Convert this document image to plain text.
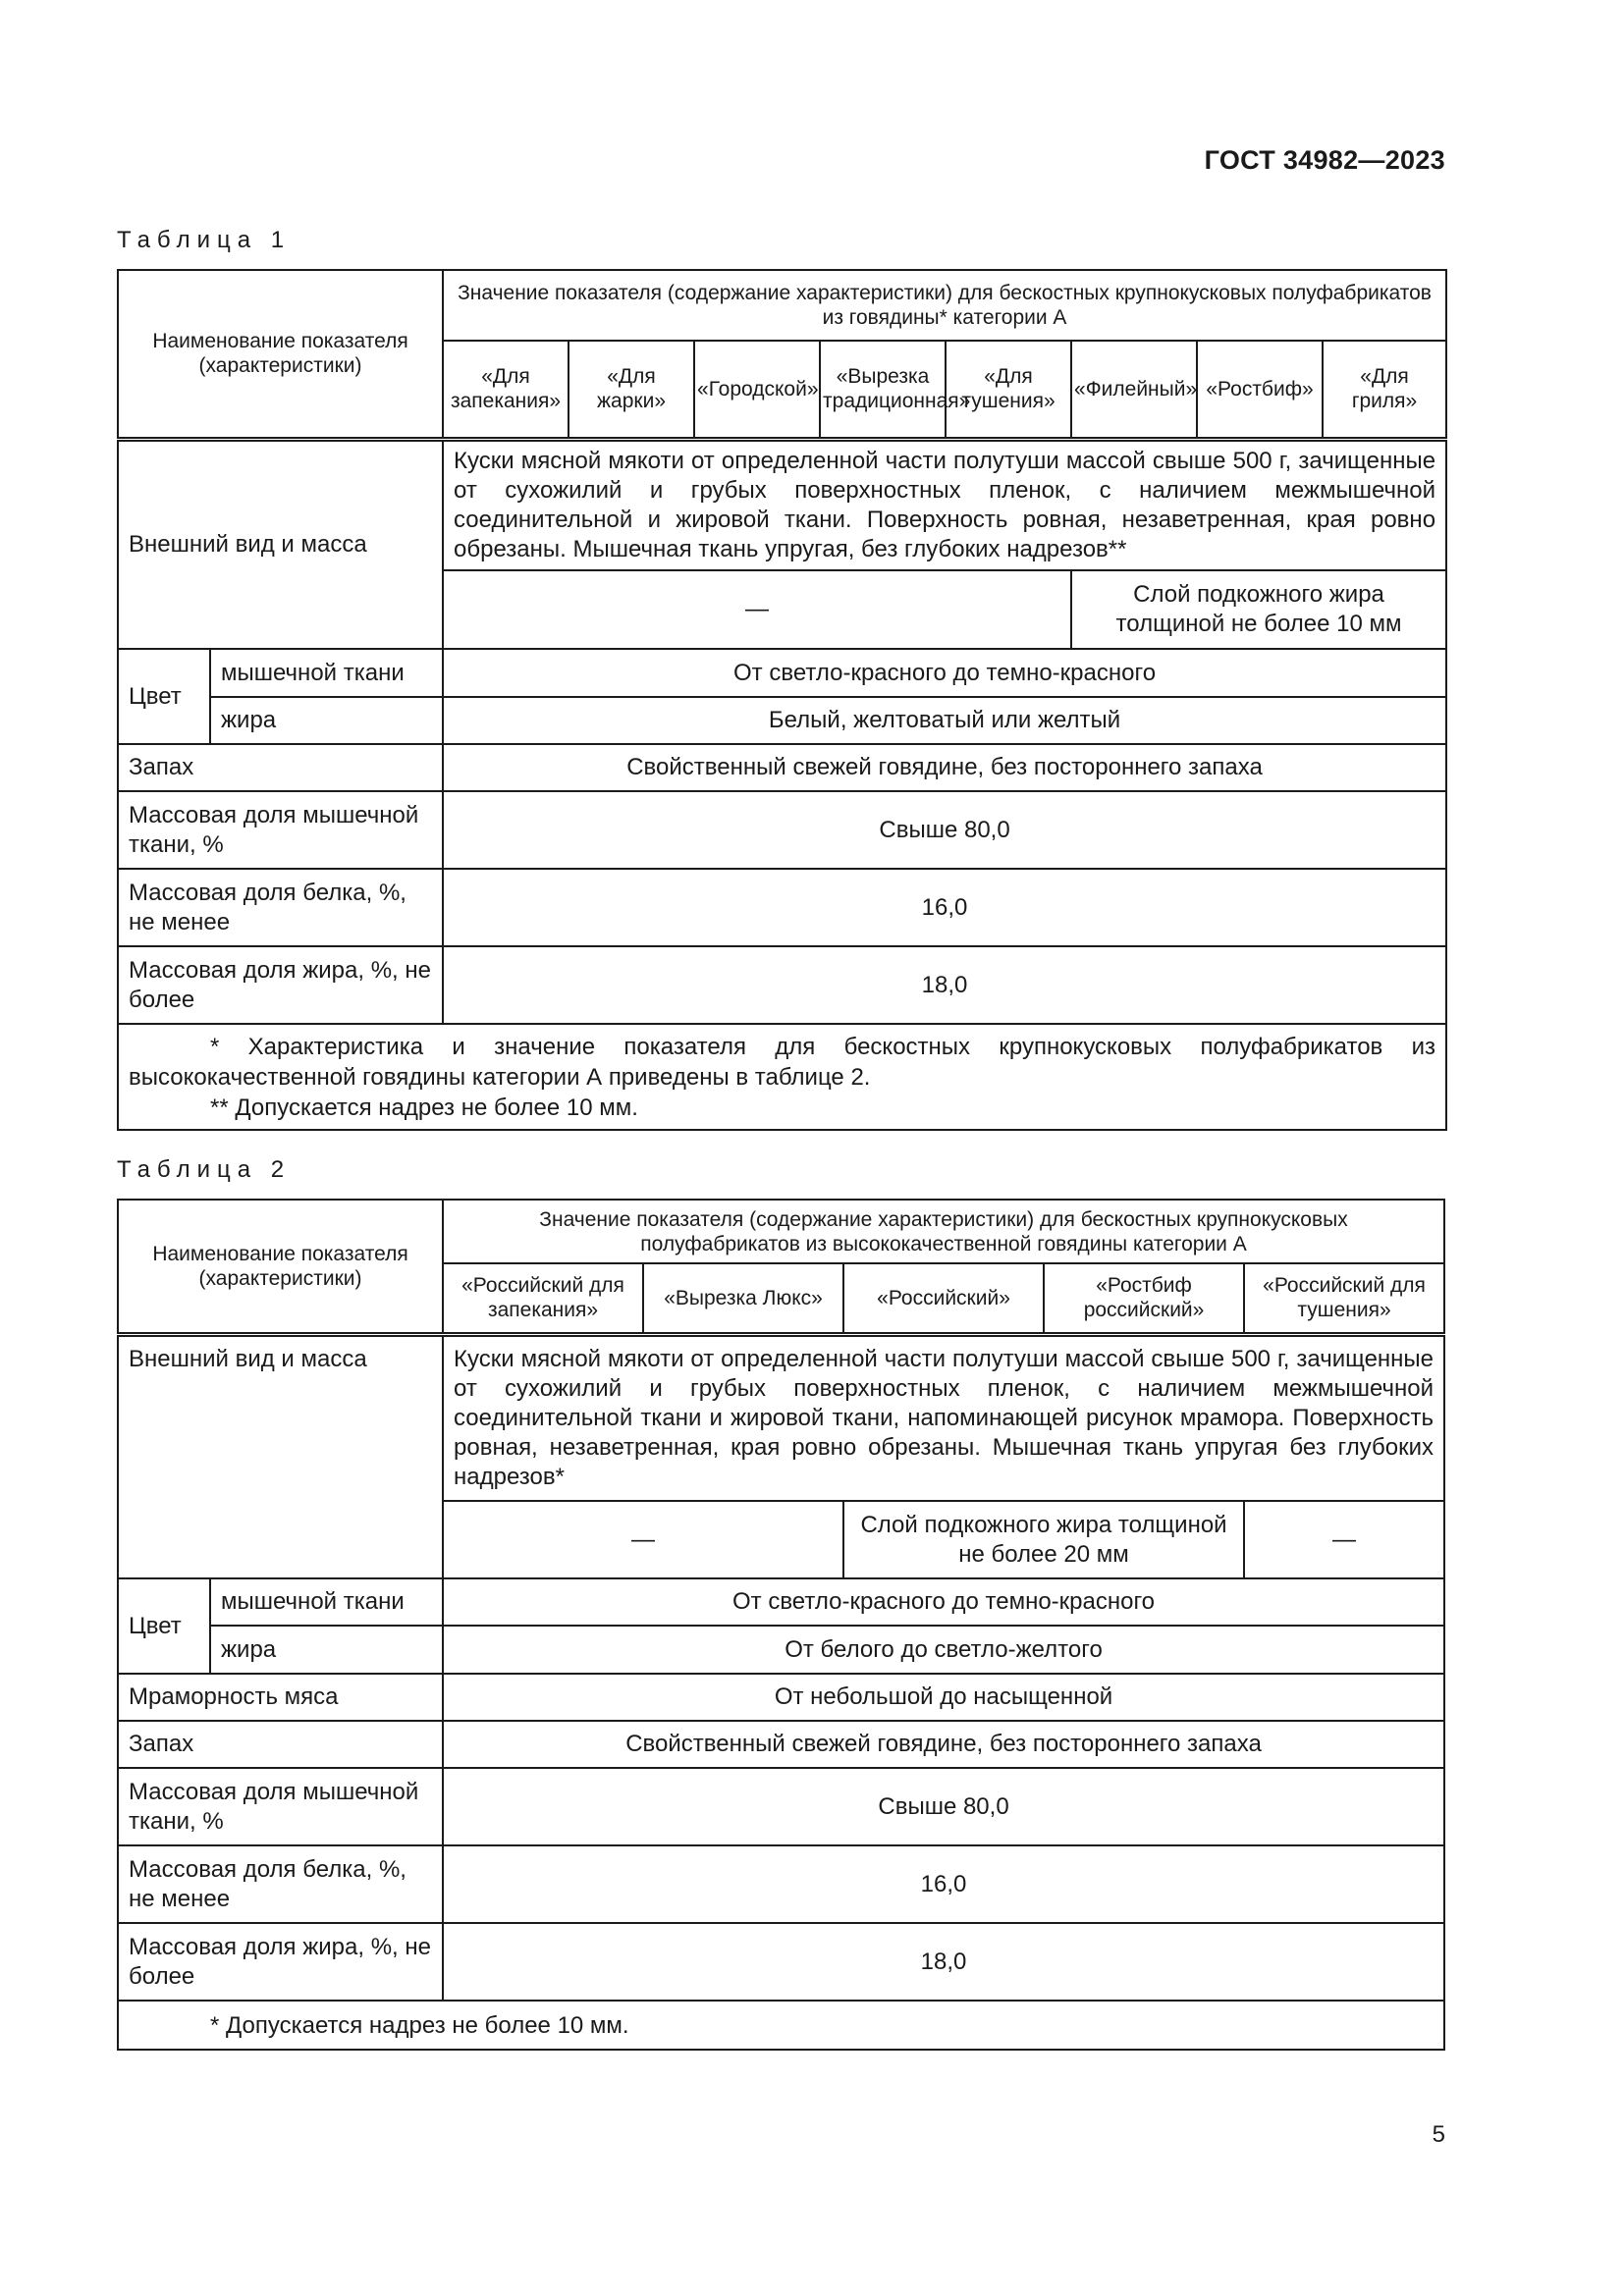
ГОСТ 34982—2023
Таблица 1
Наименование показателя (характеристики)		Значение показателя (содержание характеристики) для бескостных крупнокусковых полуфабрикатов из говядины* категории А							
		«Для запекания»	«Для жарки»	«Городской»	«Вырезка традиционная»	«Для тушения»	«Филейный»	«Ростбиф»	«Для гриля»
Внешний вид и масса		Куски мясной мякоти от определенной части полутуши массой свыше 500 г, зачищенные от сухожилий и грубых поверхностных пленок, с наличием межмышечной соединительной и жировой ткани. Поверхность ровная, незаветренная, края ровно обрезаны. Мышечная ткань упругая, без глубоких надрезов**							
		—					Слой подкожного жира толщиной не более 10 мм		
Цвет	мышечной ткани	От светло-красного до темно-красного							
	жира	Белый, желтоватый или желтый							
Запах		Свойственный свежей говядине, без постороннего запаха							
Массовая доля мышечной ткани, %		Свыше 80,0							
Массовая доля белка, %, не менее		16,0							
Массовая доля жира, %, не более		18,0							

* Характеристика и значение показателя для бескостных крупнокусковых полуфабрикатов из высококачественной говядины категории А приведены в таблице 2.
** Допускается надрез не более 10 мм.									
Таблица 2
Наименование показателя (характеристики)		Значение показателя (содержание характеристики) для бескостных крупнокусковых полуфабрикатов из высококачественной говядины категории А				
		«Российский для запекания»	«Вырезка Люкс»	«Российский»	«Ростбиф российский»	«Российский для тушения»
Внешний вид и масса		Куски мясной мякоти от определенной части полутуши массой свыше 500 г, зачищенные от сухожилий и грубых поверхностных пленок, с наличием межмышечной соединительной ткани и жировой ткани, напоминающей рисунок мрамора. Поверхность ровная, незаветренная, края ровно обрезаны. Мышечная ткань упругая без глубоких надрезов*				
		—		Слой подкожного жира толщиной не более 20 мм		—
Цвет	мышечной ткани	От светло-красного до темно-красного				
	жира	От белого до светло-желтого				
Мраморность мяса		От небольшой до насыщенной				
Запах		Свойственный свежей говядине, без постороннего запаха				
Массовая доля мышечной ткани, %		Свыше 80,0				
Массовая доля белка, %, не менее		16,0				
Массовая доля жира, %, не более		18,0				

* Допускается надрез не более 10 мм.						
5
